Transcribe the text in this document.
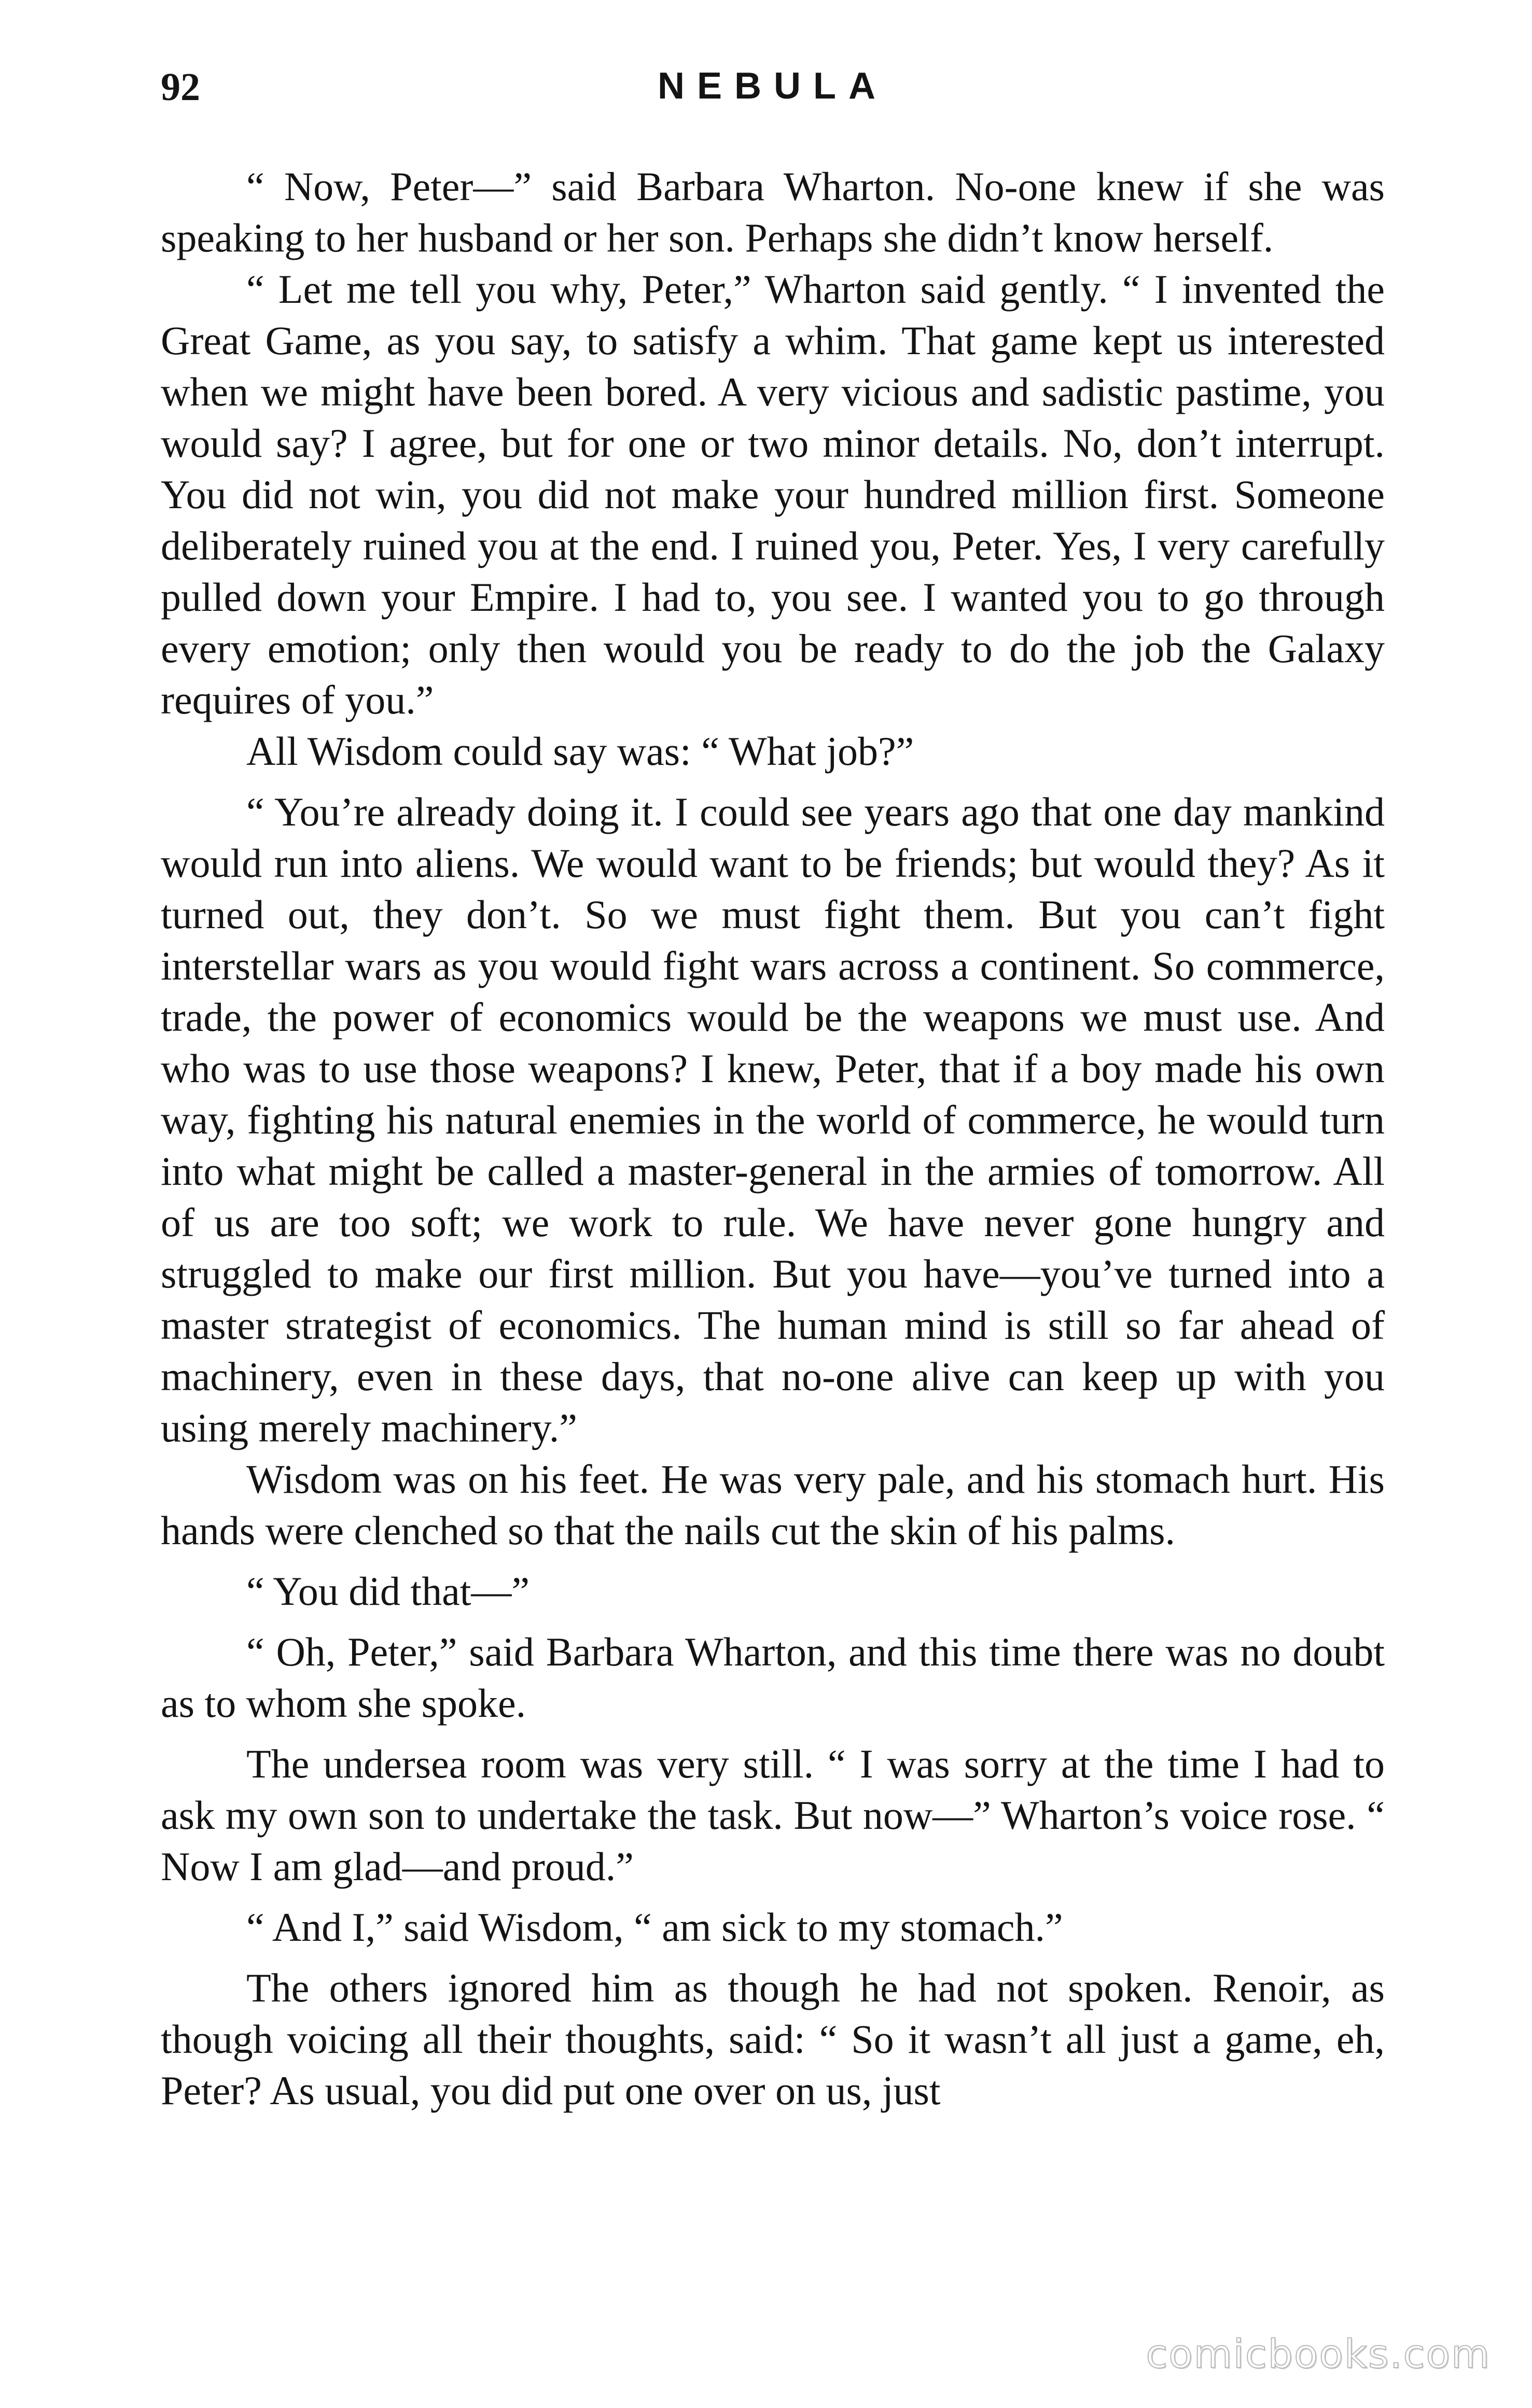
92	NEBULA

“ Now, Peter—” said Barbara Wharton. No-one knew if she was speaking to her husband or her son. Perhaps she didn’t know herself.

“ Let me tell you why, Peter,” Wharton said gently. “ I invented the Great Game, as you say, to satisfy a whim. That game kept us interested when we might have been bored. A very vicious and sadistic pastime, you would say? I agree, but for one or two minor details. No, don’t interrupt. You did not win, you did not make your hundred million first. Someone deliberately ruined you at the end. I ruined you, Peter. Yes, I very carefully pulled down your Empire. I had to, you see. I wanted you to go through every emotion; only then would you be ready to do the job the Galaxy requires of you.”

All Wisdom could say was: “ What job?”

“ You’re already doing it. I could see years ago that one day mankind would run into aliens. We would want to be friends; but would they? As it turned out, they don’t. So we must fight them. But you can’t fight interstellar wars as you would fight wars across a continent. So commerce, trade, the power of economics would be the weapons we must use. And who was to use those weapons? I knew, Peter, that if a boy made his own way, fighting his natural enemies in the world of commerce, he would turn into what might be called a master-general in the armies of tomorrow. All of us are too soft; we work to rule. We have never gone hungry and struggled to make our first million. But you have—you’ve turned into a master strategist of economics. The human mind is still so far ahead of machinery, even in these days, that no-one alive can keep up with you using merely machinery.”

Wisdom was on his feet. He was very pale, and his stomach hurt. His hands were clenched so that the nails cut the skin of his palms.

“ You did that—”

“ Oh, Peter,” said Barbara Wharton, and this time there was no doubt as to whom she spoke.

The undersea room was very still. “ I was sorry at the time I had to ask my own son to undertake the task. But now—” Wharton’s voice rose. “ Now I am glad—and proud.”

“ And I,” said Wisdom, “ am sick to my stomach.”

The others ignored him as though he had not spoken. Renoir, as though voicing all their thoughts, said: “ So it wasn’t all just a game, eh, Peter? As usual, you did put one over on us, just

comicbooks.com
